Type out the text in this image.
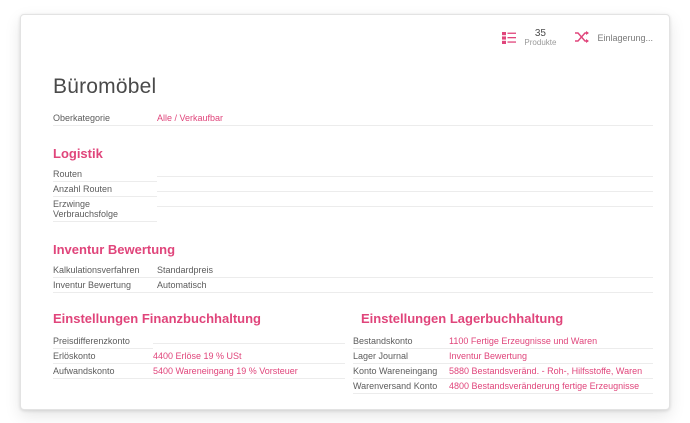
35
Produkte	Einlagerung...
Büromöbel
Oberkategorie	Alle / Verkaufbar
Logistik
Routen
Anzahl Routen
Erzwinge Verbrauchsfolge
Inventur Bewertung
Kalkulationsverfahren	Standardpreis
Inventur Bewertung	Automatisch
Einstellungen Finanzbuchhaltung
Preisdifferenzkonto
Erlöskonto	4400 Erlöse 19 % USt
Aufwandskonto	5400 Wareneingang 19 % Vorsteuer
Einstellungen Lagerbuchhaltung
Bestandskonto	1100 Fertige Erzeugnisse und Waren
Lager Journal	Inventur Bewertung
Konto Wareneingang	5880 Bestandsveränd. - Roh-, Hilfsstoffe, Waren
Warenversand Konto	4800 Bestandsveränderung fertige Erzeugnisse
